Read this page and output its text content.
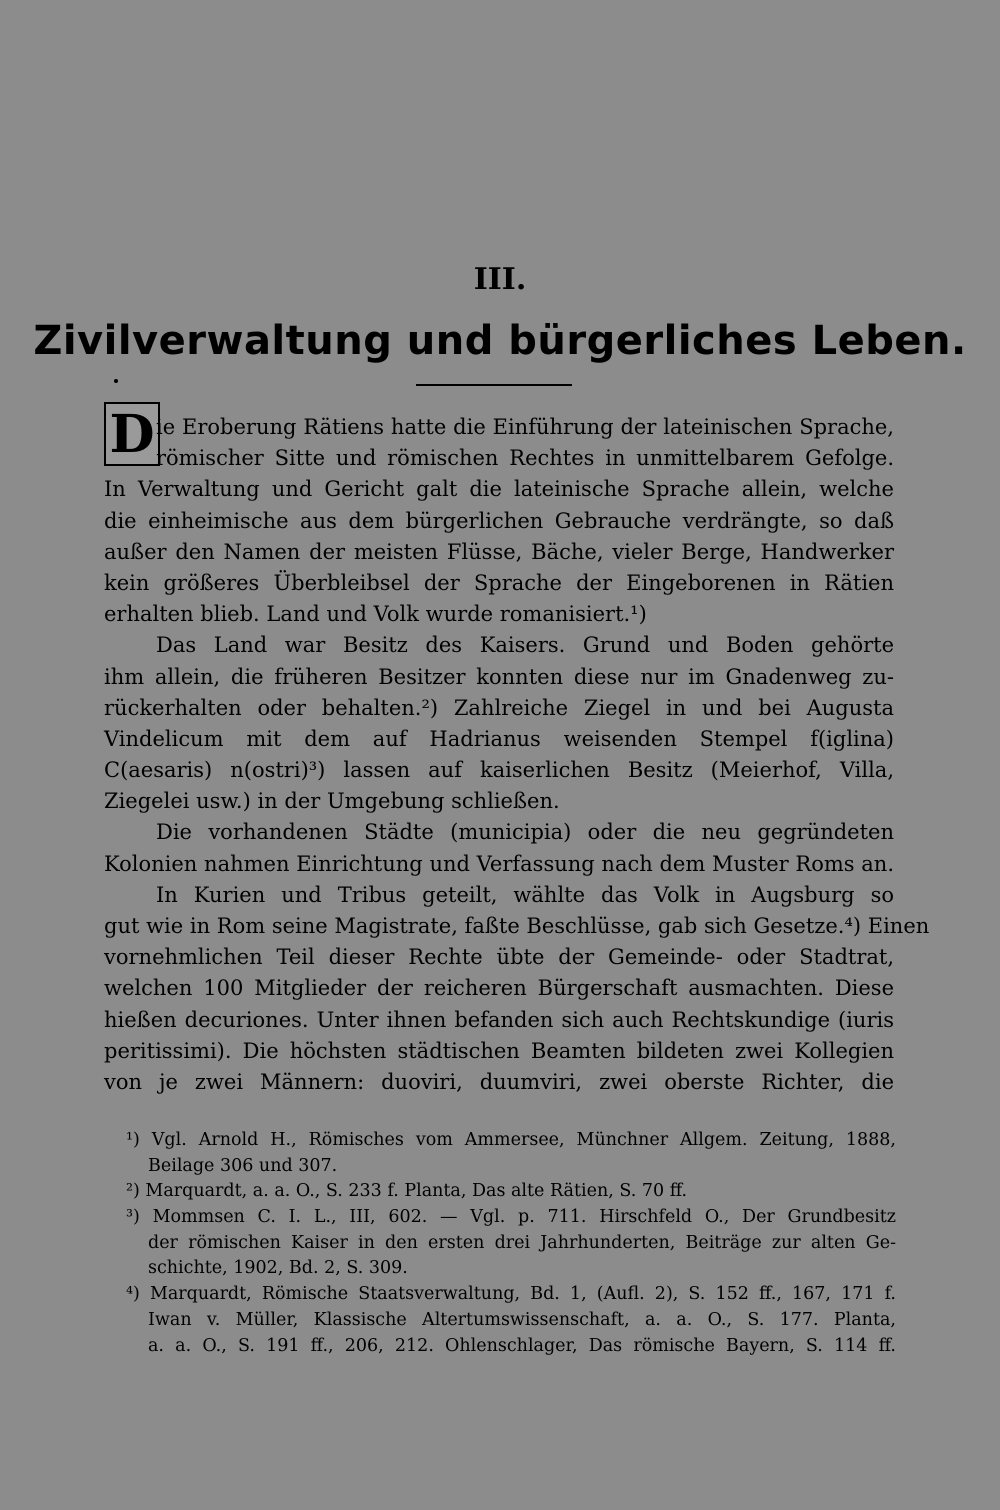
III.
Zivilverwaltung und bürgerliches Leben.
D ie Eroberung Rätiens hatte die Einführung der lateinischen Sprache,
römischer Sitte und römischen Rechtes in unmittelbarem Gefolge.
In Verwaltung und Gericht galt die lateinische Sprache allein, welche
die einheimische aus dem bürgerlichen Gebrauche verdrängte, so daß
außer den Namen der meisten Flüsse, Bäche, vieler Berge, Handwerker
kein größeres Überbleibsel der Sprache der Eingeborenen in Rätien
erhalten blieb. Land und Volk wurde romanisiert.¹)
Das Land war Besitz des Kaisers. Grund und Boden gehörte
ihm allein, die früheren Besitzer konnten diese nur im Gnadenweg zu-
rückerhalten oder behalten.²) Zahlreiche Ziegel in und bei Augusta
Vindelicum mit dem auf Hadrianus weisenden Stempel f(iglina)
C(aesaris) n(ostri)³) lassen auf kaiserlichen Besitz (Meierhof, Villa,
Ziegelei usw.) in der Umgebung schließen.
Die vorhandenen Städte (municipia) oder die neu gegründeten
Kolonien nahmen Einrichtung und Verfassung nach dem Muster Roms an.
In Kurien und Tribus geteilt, wählte das Volk in Augsburg so
gut wie in Rom seine Magistrate, faßte Beschlüsse, gab sich Gesetze.⁴) Einen
vornehmlichen Teil dieser Rechte übte der Gemeinde- oder Stadtrat,
welchen 100 Mitglieder der reicheren Bürgerschaft ausmachten. Diese
hießen decuriones. Unter ihnen befanden sich auch Rechtskundige (iuris
peritissimi). Die höchsten städtischen Beamten bildeten zwei Kollegien
von je zwei Männern: duoviri, duumviri, zwei oberste Richter, die
¹) Vgl. Arnold H., Römisches vom Ammersee, Münchner Allgem. Zeitung, 1888,
Beilage 306 und 307.
²) Marquardt, a. a. O., S. 233 f. Planta, Das alte Rätien, S. 70 ff.
³) Mommsen C. I. L., III, 602. — Vgl. p. 711. Hirschfeld O., Der Grundbesitz
der römischen Kaiser in den ersten drei Jahrhunderten, Beiträge zur alten Ge-
schichte, 1902, Bd. 2, S. 309.
⁴) Marquardt, Römische Staatsverwaltung, Bd. 1, (Aufl. 2), S. 152 ff., 167, 171 f.
Iwan v. Müller, Klassische Altertumswissenschaft, a. a. O., S. 177. Planta,
a. a. O., S. 191 ff., 206, 212. Ohlenschlager, Das römische Bayern, S. 114 ff.
